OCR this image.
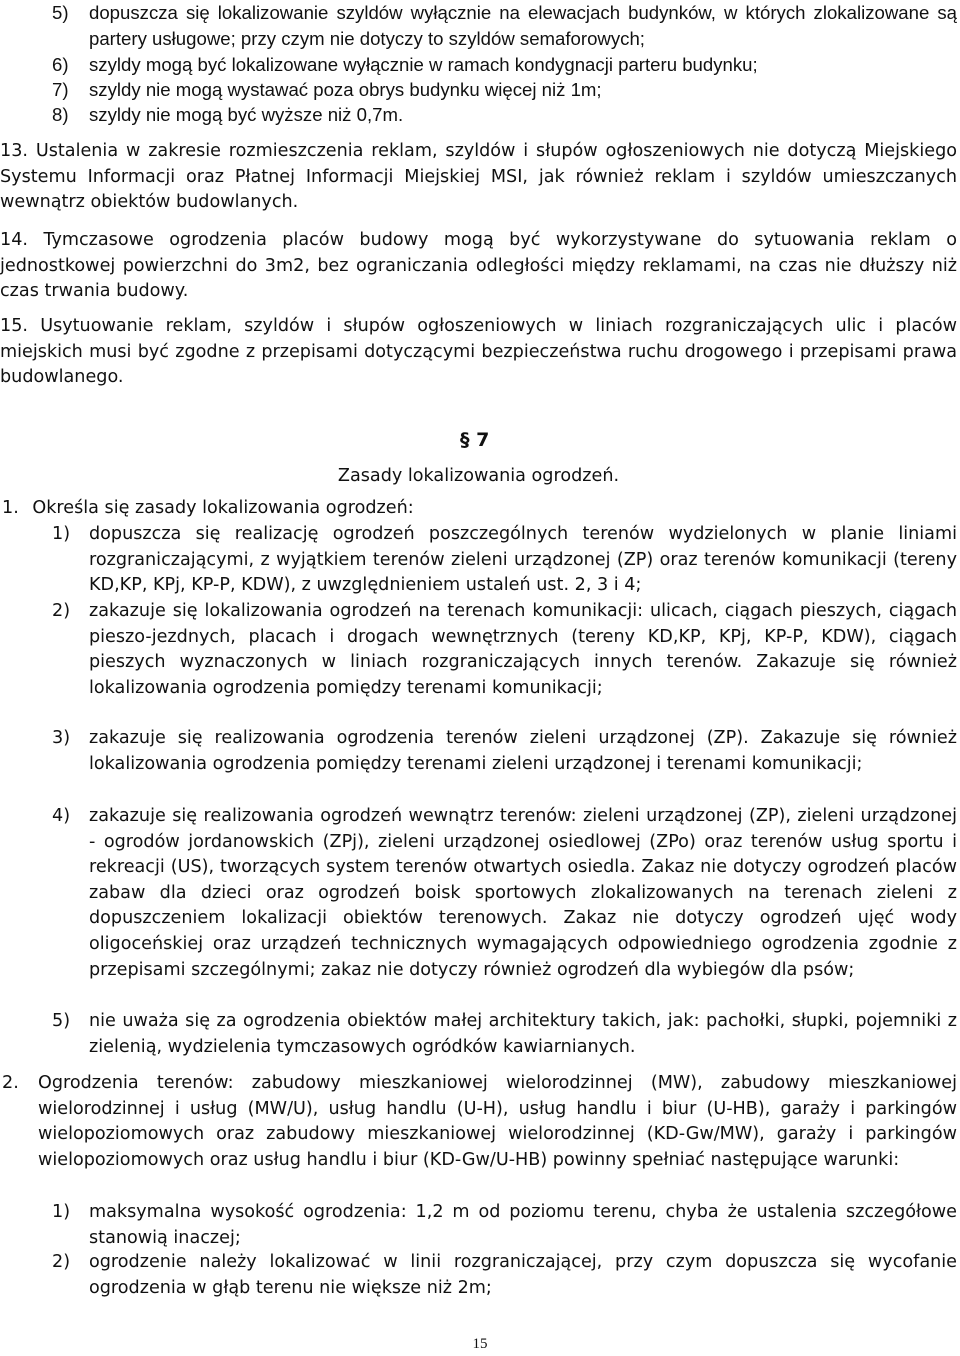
5) dopuszcza się lokalizowanie szyldów wyłącznie na elewacjach budynków, w których zlokalizowane są partery usługowe; przy czym nie dotyczy to szyldów semaforowych;
6) szyldy mogą być lokalizowane wyłącznie w ramach kondygnacji parteru budynku;
7) szyldy nie mogą wystawać poza obrys budynku więcej niż 1m;
8) szyldy nie mogą być wyższe niż 0,7m.
13. Ustalenia w zakresie rozmieszczenia reklam, szyldów i słupów ogłoszeniowych nie dotyczą Miejskiego Systemu Informacji oraz Płatnej Informacji Miejskiej MSI, jak również reklam i szyldów umieszczanych wewnątrz obiektów budowlanych.
14. Tymczasowe ogrodzenia placów budowy mogą być wykorzystywane do sytuowania reklam o jednostkowej powierzchni do 3m2, bez ograniczania odległości między reklamami, na czas nie dłuższy niż czas trwania budowy.
15. Usytuowanie reklam, szyldów i słupów ogłoszeniowych w liniach rozgraniczających ulic i placów miejskich musi być zgodne z przepisami dotyczącymi bezpieczeństwa ruchu drogowego i przepisami prawa budowlanego.
§ 7
Zasady lokalizowania ogrodzeń.
1. Określa się zasady lokalizowania ogrodzeń:
1) dopuszcza się realizację ogrodzeń poszczególnych terenów wydzielonych w planie liniami rozgraniczającymi, z wyjątkiem terenów zieleni urządzonej (ZP) oraz terenów komunikacji (tereny KD,KP, KPj, KP-P, KDW), z uwzględnieniem ustaleń ust. 2, 3 i 4;
2) zakazuje się lokalizowania ogrodzeń na terenach komunikacji: ulicach, ciągach pieszych, ciągach pieszo-jezdnych, placach i drogach wewnętrznych (tereny KD,KP, KPj, KP-P, KDW), ciągach pieszych wyznaczonych w liniach rozgraniczających innych terenów. Zakazuje się również lokalizowania ogrodzenia pomiędzy terenami komunikacji;
3) zakazuje się realizowania ogrodzenia terenów zieleni urządzonej (ZP). Zakazuje się również lokalizowania ogrodzenia pomiędzy terenami zieleni urządzonej i terenami komunikacji;
4) zakazuje się realizowania ogrodzeń wewnątrz terenów: zieleni urządzonej (ZP), zieleni urządzonej - ogrodów jordanowskich (ZPj), zieleni urządzonej osiedlowej (ZPo) oraz terenów usług sportu i rekreacji (US), tworzących system terenów otwartych osiedla. Zakaz nie dotyczy ogrodzeń placów zabaw dla dzieci oraz ogrodzeń boisk sportowych zlokalizowanych na terenach zieleni z dopuszczeniem lokalizacji obiektów terenowych. Zakaz nie dotyczy ogrodzeń ujęć wody oligoceńskiej oraz urządzeń technicznych wymagających odpowiedniego ogrodzenia zgodnie z przepisami szczególnymi; zakaz nie dotyczy również ogrodzeń dla wybiegów dla psów;
5) nie uważa się za ogrodzenia obiektów małej architektury takich, jak: pachołki, słupki, pojemniki z zielenią, wydzielenia tymczasowych ogródków kawiarnianych.
2. Ogrodzenia terenów: zabudowy mieszkaniowej wielorodzinnej (MW), zabudowy mieszkaniowej wielorodzinnej i usług (MW/U), usług handlu (U-H), usług handlu i biur (U-HB), garaży i parkingów wielopoziomowych oraz zabudowy mieszkaniowej wielorodzinnej (KD-Gw/MW), garaży i parkingów wielopoziomowych oraz usług handlu i biur (KD-Gw/U-HB) powinny spełniać następujące warunki:
1) maksymalna wysokość ogrodzenia: 1,2 m od poziomu terenu, chyba że ustalenia szczegółowe stanowią inaczej;
2) ogrodzenie należy lokalizować w linii rozgraniczającej, przy czym dopuszcza się wycofanie ogrodzenia w głąb terenu nie większe niż 2m;
15
